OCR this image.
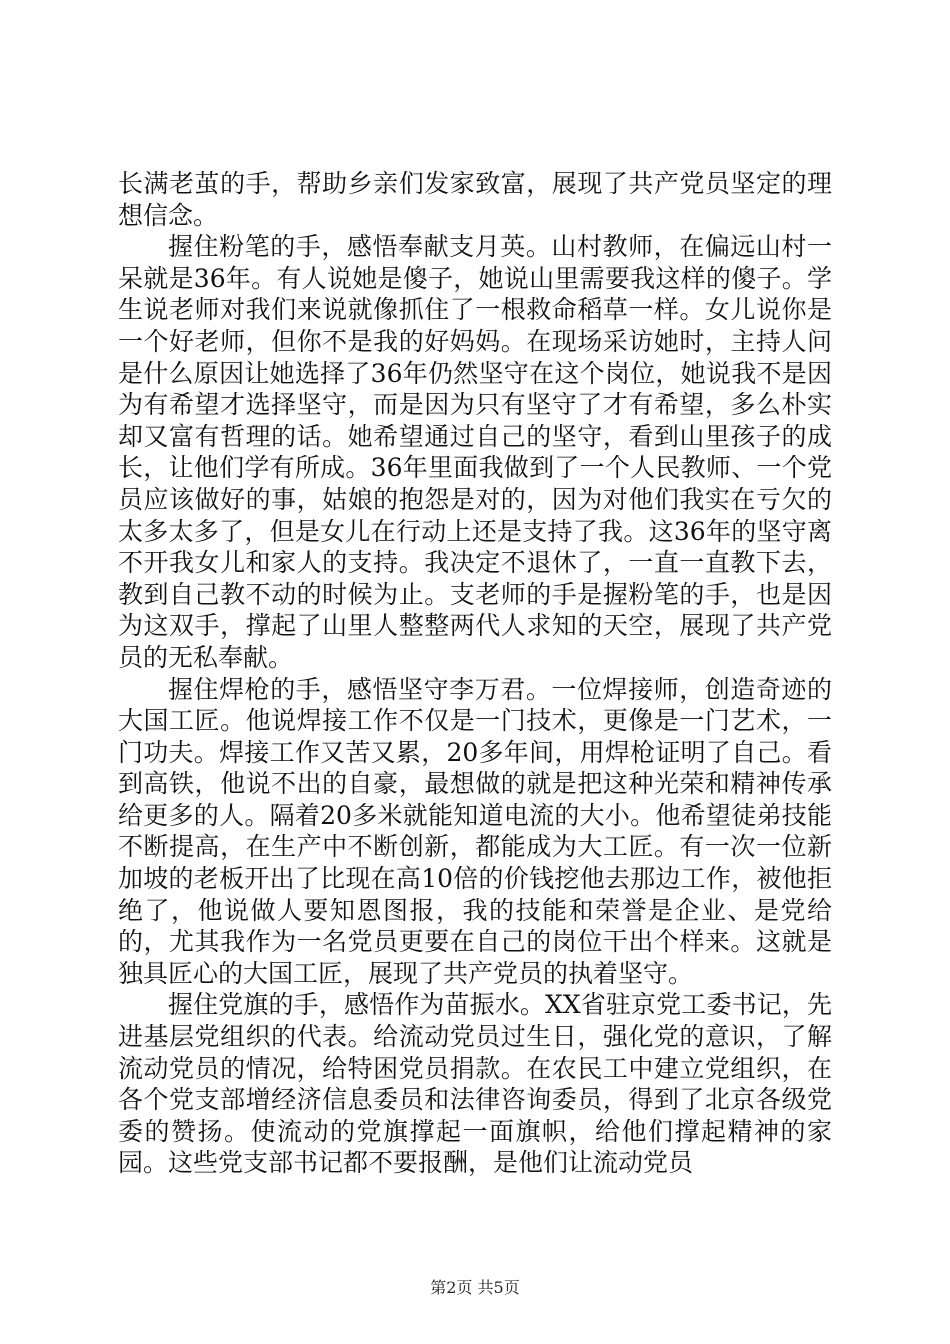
长满老茧的手，帮助乡亲们发家致富，展现了共产党员坚定的理想信念。

握住粉笔的手，感悟奉献支月英。山村教师，在偏远山村一呆就是36年。有人说她是傻子，她说山里需要我这样的傻子。学生说老师对我们来说就像抓住了一根救命稻草一样。女儿说你是一个好老师，但你不是我的好妈妈。在现场采访她时，主持人问是什么原因让她选择了36年仍然坚守在这个岗位，她说我不是因为有希望才选择坚守，而是因为只有坚守了才有希望，多么朴实却又富有哲理的话。她希望通过自己的坚守，看到山里孩子的成长，让他们学有所成。36年里面我做到了一个人民教师、一个党员应该做好的事，姑娘的抱怨是对的，因为对他们我实在亏欠的太多太多了，但是女儿在行动上还是支持了我。这36年的坚守离不开我女儿和家人的支持。我决定不退休了，一直一直教下去，教到自己教不动的时候为止。支老师的手是握粉笔的手，也是因为这双手，撑起了山里人整整两代人求知的天空，展现了共产党员的无私奉献。

握住焊枪的手，感悟坚守李万君。一位焊接师，创造奇迹的大国工匠。他说焊接工作不仅是一门技术，更像是一门艺术，一门功夫。焊接工作又苦又累，20多年间，用焊枪证明了自己。看到高铁，他说不出的自豪，最想做的就是把这种光荣和精神传承给更多的人。隔着20多米就能知道电流的大小。他希望徒弟技能不断提高，在生产中不断创新，都能成为大工匠。有一次一位新加坡的老板开出了比现在高10倍的价钱挖他去那边工作，被他拒绝了，他说做人要知恩图报，我的技能和荣誉是企业、是党给的，尤其我作为一名党员更要在自己的岗位干出个样来。这就是独具匠心的大国工匠，展现了共产党员的执着坚守。

握住党旗的手，感悟作为苗振水。XX省驻京党工委书记，先进基层党组织的代表。给流动党员过生日，强化党的意识，了解流动党员的情况，给特困党员捐款。在农民工中建立党组织，在各个党支部增经济信息委员和法律咨询委员，得到了北京各级党委的赞扬。使流动的党旗撑起一面旗帜，给他们撑起精神的家园。这些党支部书记都不要报酬，是他们让流动党员

第2页 共5页
